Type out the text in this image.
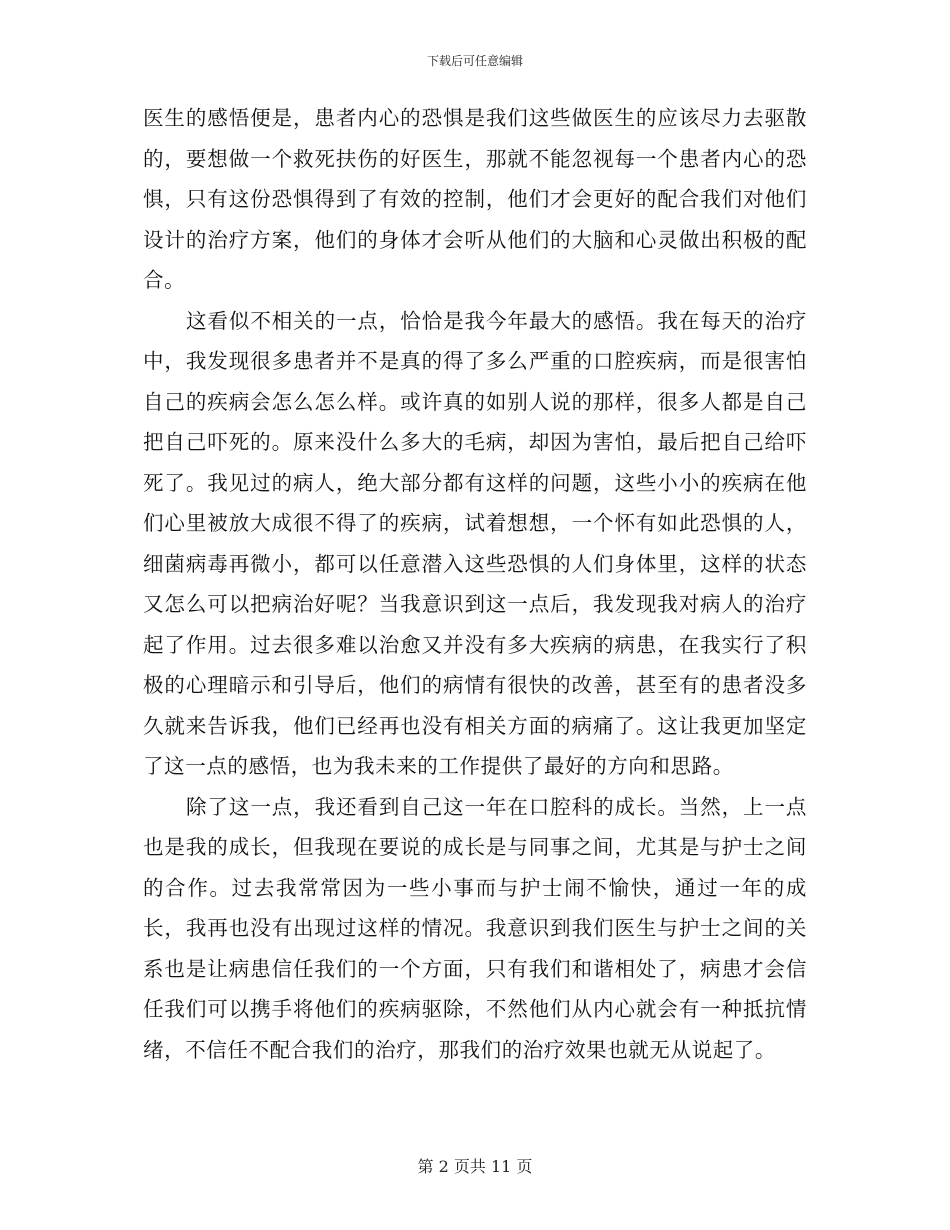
下载后可任意编辑

医生的感悟便是，患者内心的恐惧是我们这些做医生的应该尽力去驱散的，要想做一个救死扶伤的好医生，那就不能忽视每一个患者内心的恐惧，只有这份恐惧得到了有效的控制，他们才会更好的配合我们对他们设计的治疗方案，他们的身体才会听从他们的大脑和心灵做出积极的配合。

这看似不相关的一点，恰恰是我今年最大的感悟。我在每天的治疗中，我发现很多患者并不是真的得了多么严重的口腔疾病，而是很害怕自己的疾病会怎么怎么样。或许真的如别人说的那样，很多人都是自己把自己吓死的。原来没什么多大的毛病，却因为害怕，最后把自己给吓死了。我见过的病人，绝大部分都有这样的问题，这些小小的疾病在他们心里被放大成很不得了的疾病，试着想想，一个怀有如此恐惧的人，细菌病毒再微小，都可以任意潜入这些恐惧的人们身体里，这样的状态又怎么可以把病治好呢？当我意识到这一点后，我发现我对病人的治疗起了作用。过去很多难以治愈又并没有多大疾病的病患，在我实行了积极的心理暗示和引导后，他们的病情有很快的改善，甚至有的患者没多久就来告诉我，他们已经再也没有相关方面的病痛了。这让我更加坚定了这一点的感悟，也为我未来的工作提供了最好的方向和思路。

除了这一点，我还看到自己这一年在口腔科的成长。当然，上一点也是我的成长，但我现在要说的成长是与同事之间，尤其是与护士之间的合作。过去我常常因为一些小事而与护士闹不愉快，通过一年的成长，我再也没有出现过这样的情况。我意识到我们医生与护士之间的关系也是让病患信任我们的一个方面，只有我们和谐相处了，病患才会信任我们可以携手将他们的疾病驱除，不然他们从内心就会有一种抵抗情绪，不信任不配合我们的治疗，那我们的治疗效果也就无从说起了。

第 2 页共 11 页
